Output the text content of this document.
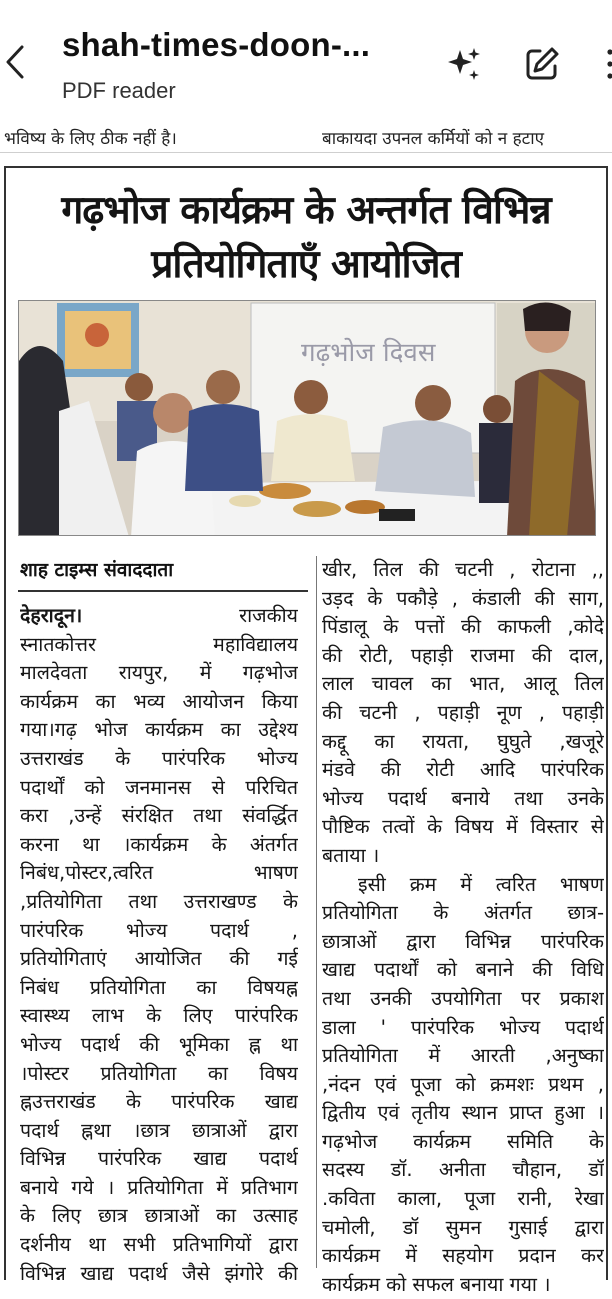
shah-times-doon-...
PDF reader
भविष्य के लिए ठीक नहीं है।	बाकायदा उपनल कर्मियों को न हटाए
गढ़भोज कार्यक्रम के अन्तर्गत विभिन्न
प्रतियोगिताएँ आयोजित
गढ़भोज दिवस
शाह टाइम्स संवाददाता
देहरादून।	राजकीय
स्नातकोत्तर महाविद्यालय
मालदेवता रायपुर, में गढ़भोज
कार्यक्रम का भव्य आयोजन किया
गया।गढ़ भोज कार्यक्रम का उद्देश्य
उत्तराखंड के पारंपरिक भोज्य
पदार्थों को जनमानस से परिचित
करा ,उन्हें संरक्षित तथा संवर्द्धित
करना था ।कार्यक्रम के अंतर्गत
निबंध,पोस्टर,त्वरित भाषण
,प्रतियोगिता तथा उत्तराखण्ड के
पारंपरिक भोज्य पदार्थ ,
प्रतियोगिताएं आयोजित की गई
निबंध प्रतियोगिता का विषयह्न
स्वास्थ्य लाभ के लिए पारंपरिक
भोज्य पदार्थ की भूमिका ह्न था
।पोस्टर प्रतियोगिता का विषय
ह्नउत्तराखंड के पारंपरिक खाद्य
पदार्थ ह्नथा ।छात्र छात्राओं द्वारा
विभिन्न पारंपरिक खाद्य पदार्थ
बनाये गये । प्रतियोगिता में प्रतिभाग
के लिए छात्र छात्राओं का उत्साह
दर्शनीय था सभी प्रतिभागियों द्वारा
विभिन्न खाद्य पदार्थ जैसे झंगोरे की
खीर, तिल की चटनी , रोटाना ,,
उड़द के पकौड़े , कंडाली की साग,
पिंडालू के पत्तों की काफली ,कोदे
की रोटी, पहाड़ी राजमा की दाल,
लाल चावल का भात, आलू तिल
की चटनी , पहाड़ी नूण , पहाड़ी
कद्दू का रायता, घुघुते ,खजूरे
मंडवे की रोटी आदि पारंपरिक
भोज्य पदार्थ बनाये तथा उनके
पौष्टिक तत्वों के विषय में विस्तार से
बताया ।
इसी क्रम में त्वरित भाषण
प्रतियोगिता के अंतर्गत छात्र-
छात्राओं द्वारा विभिन्न पारंपरिक
खाद्य पदार्थों को बनाने की विधि
तथा उनकी उपयोगिता पर प्रकाश
डाला ' पारंपरिक भोज्य पदार्थ
प्रतियोगिता में आरती ,अनुष्का
,नंदन एवं पूजा को क्रमशः प्रथम ,
द्वितीय एवं तृतीय स्थान प्राप्त हुआ ।
गढ़भोज कार्यक्रम समिति के
सदस्य डॉ. अनीता चौहान, डॉ
.कविता काला, पूजा रानी, रेखा
चमोली, डॉ सुमन गुसाई द्वारा
कार्यक्रम में सहयोग प्रदान कर
कार्यक्रम को सफल बनाया गया ।
